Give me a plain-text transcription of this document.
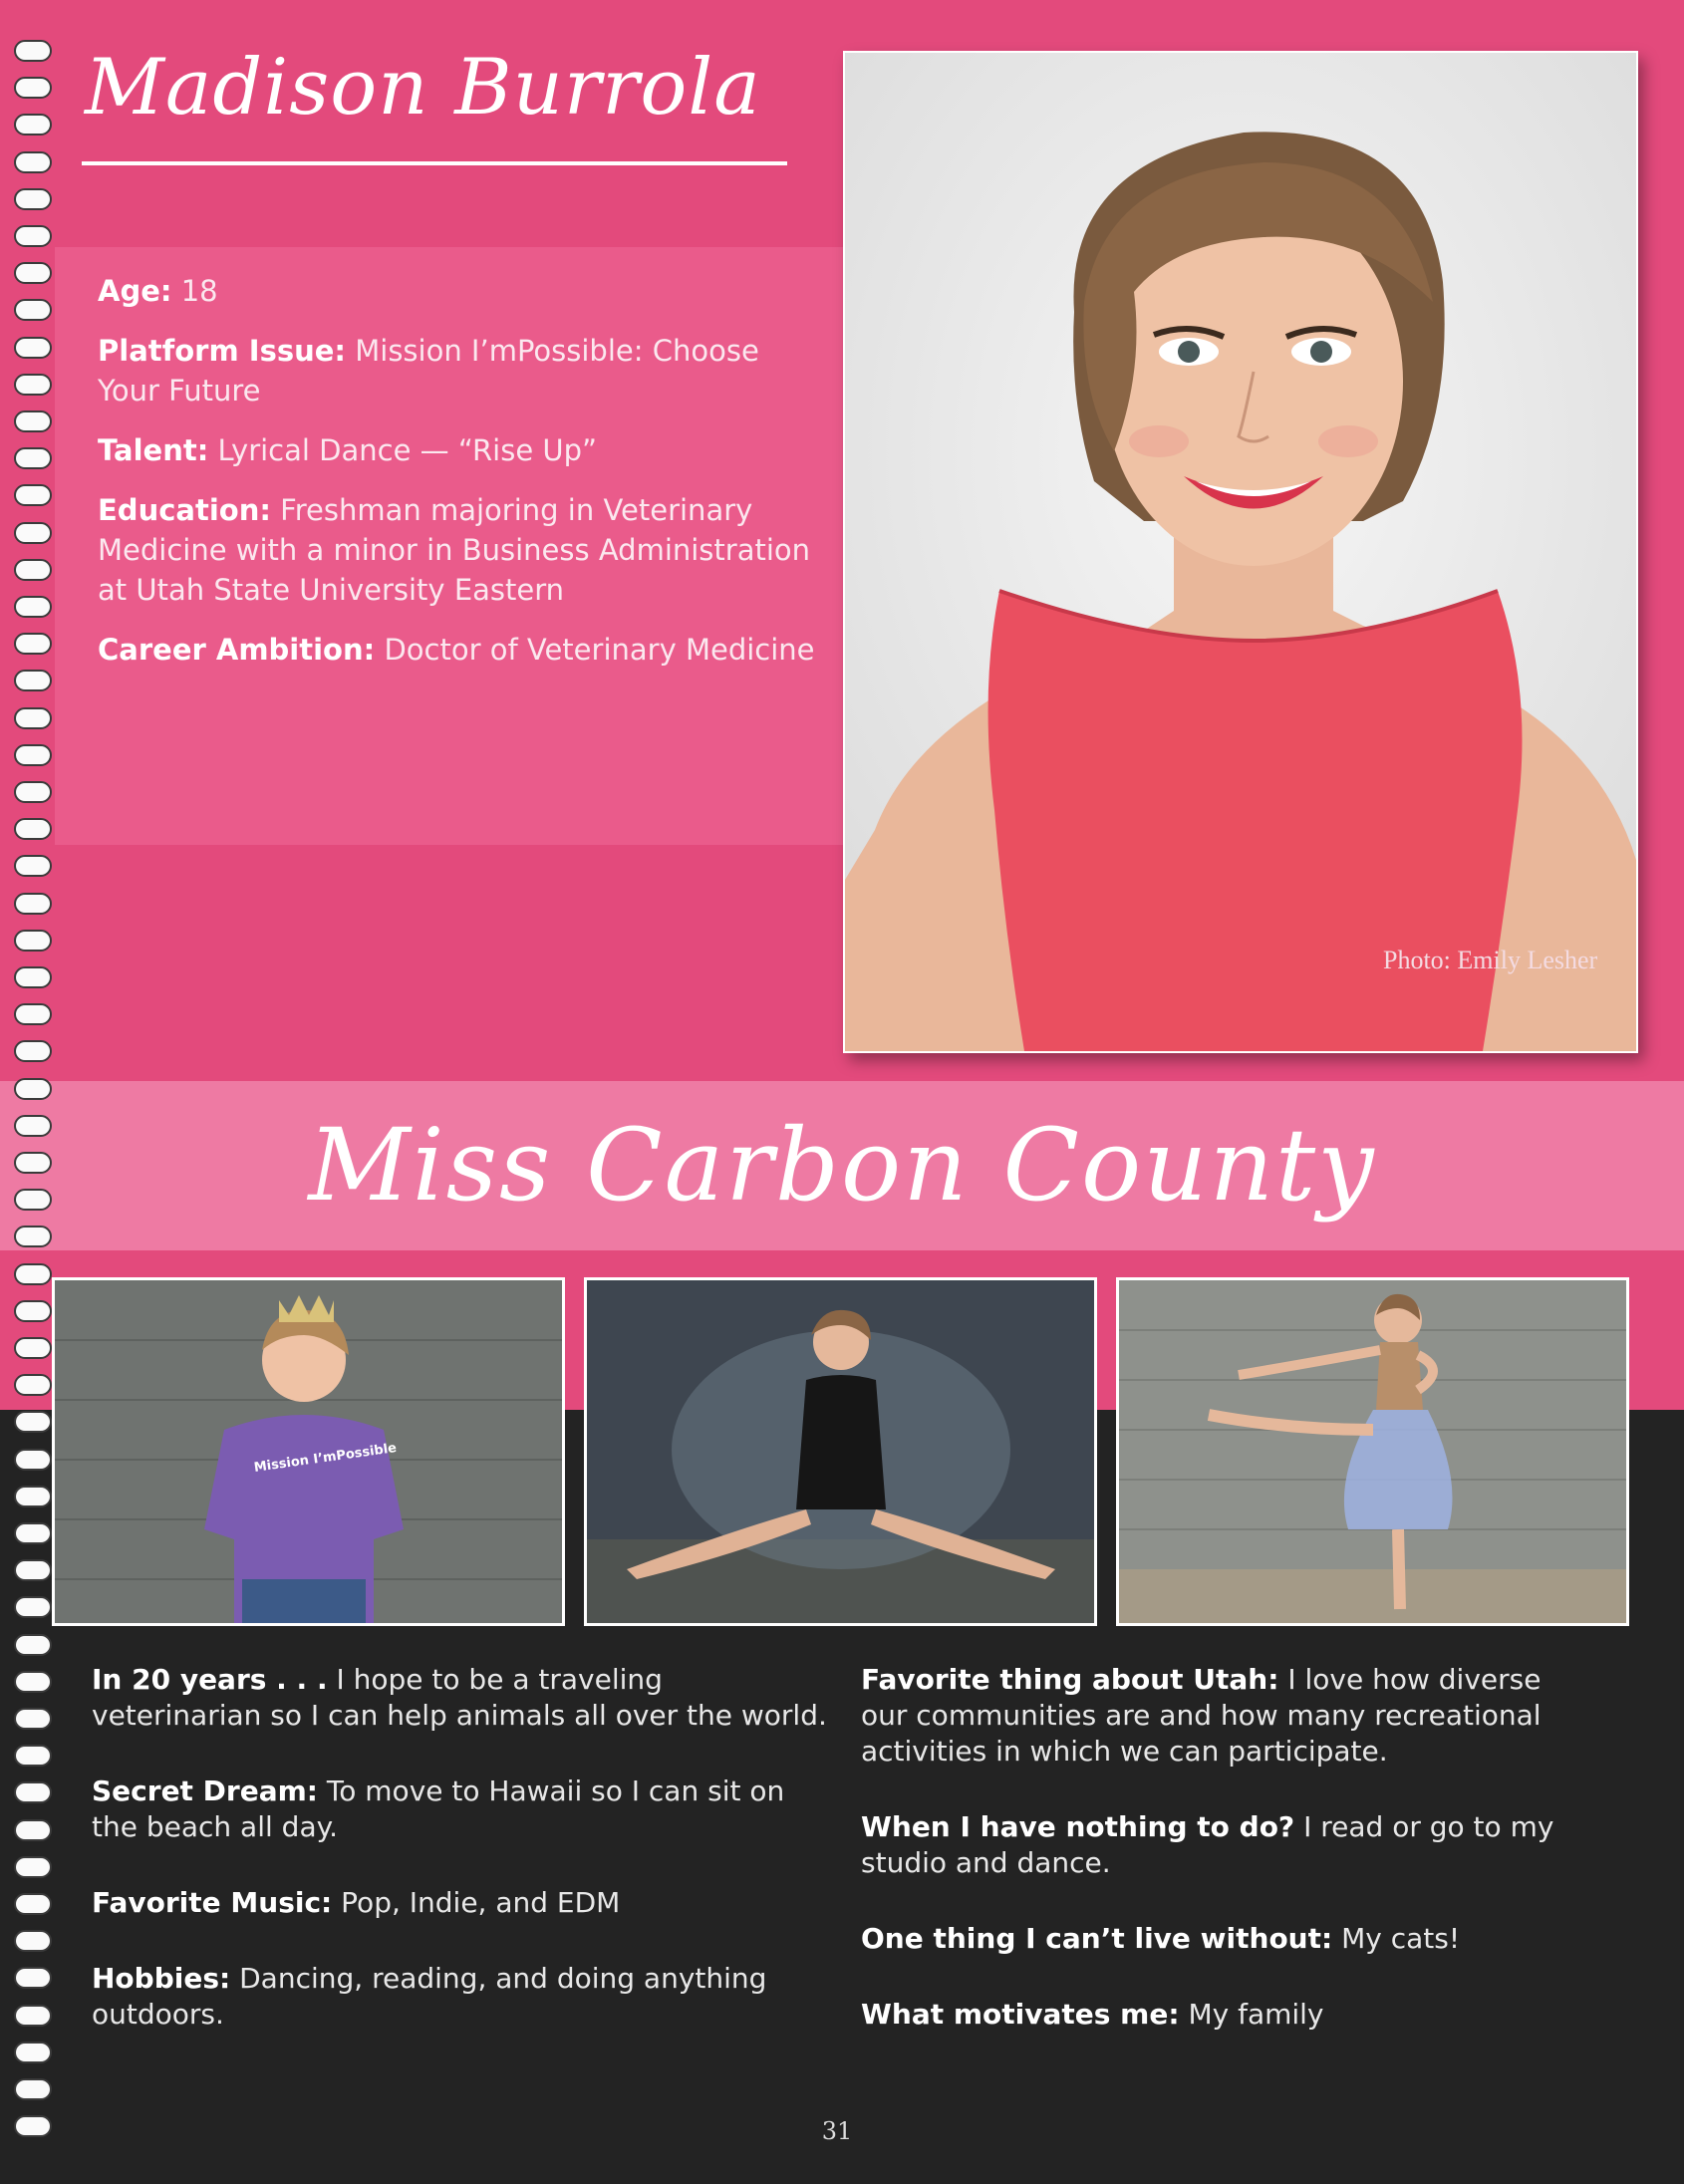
Madison Burrola

Age: 18

Platform Issue: Mission I’mPossible: Choose Your Future

Talent: Lyrical Dance — “Rise Up”

Education: Freshman majoring in Veterinary Medicine with a minor in Business Administration at Utah State University Eastern

Career Ambition: Doctor of Veterinary Medicine

Photo: Emily Lesher
Miss Carbon County
Mission I’mPossible

In 20 years . . . I hope to be a traveling veterinarian so I can help animals all over the world.

Secret Dream: To move to Hawaii so I can sit on the beach all day.

Favorite Music: Pop, Indie, and EDM

Hobbies: Dancing, reading, and doing anything outdoors.

Favorite thing about Utah: I love how diverse our communities are and how many recreational activities in which we can participate.

When I have nothing to do? I read or go to my studio and dance.

One thing I can’t live without: My cats!

What motivates me: My family

31
